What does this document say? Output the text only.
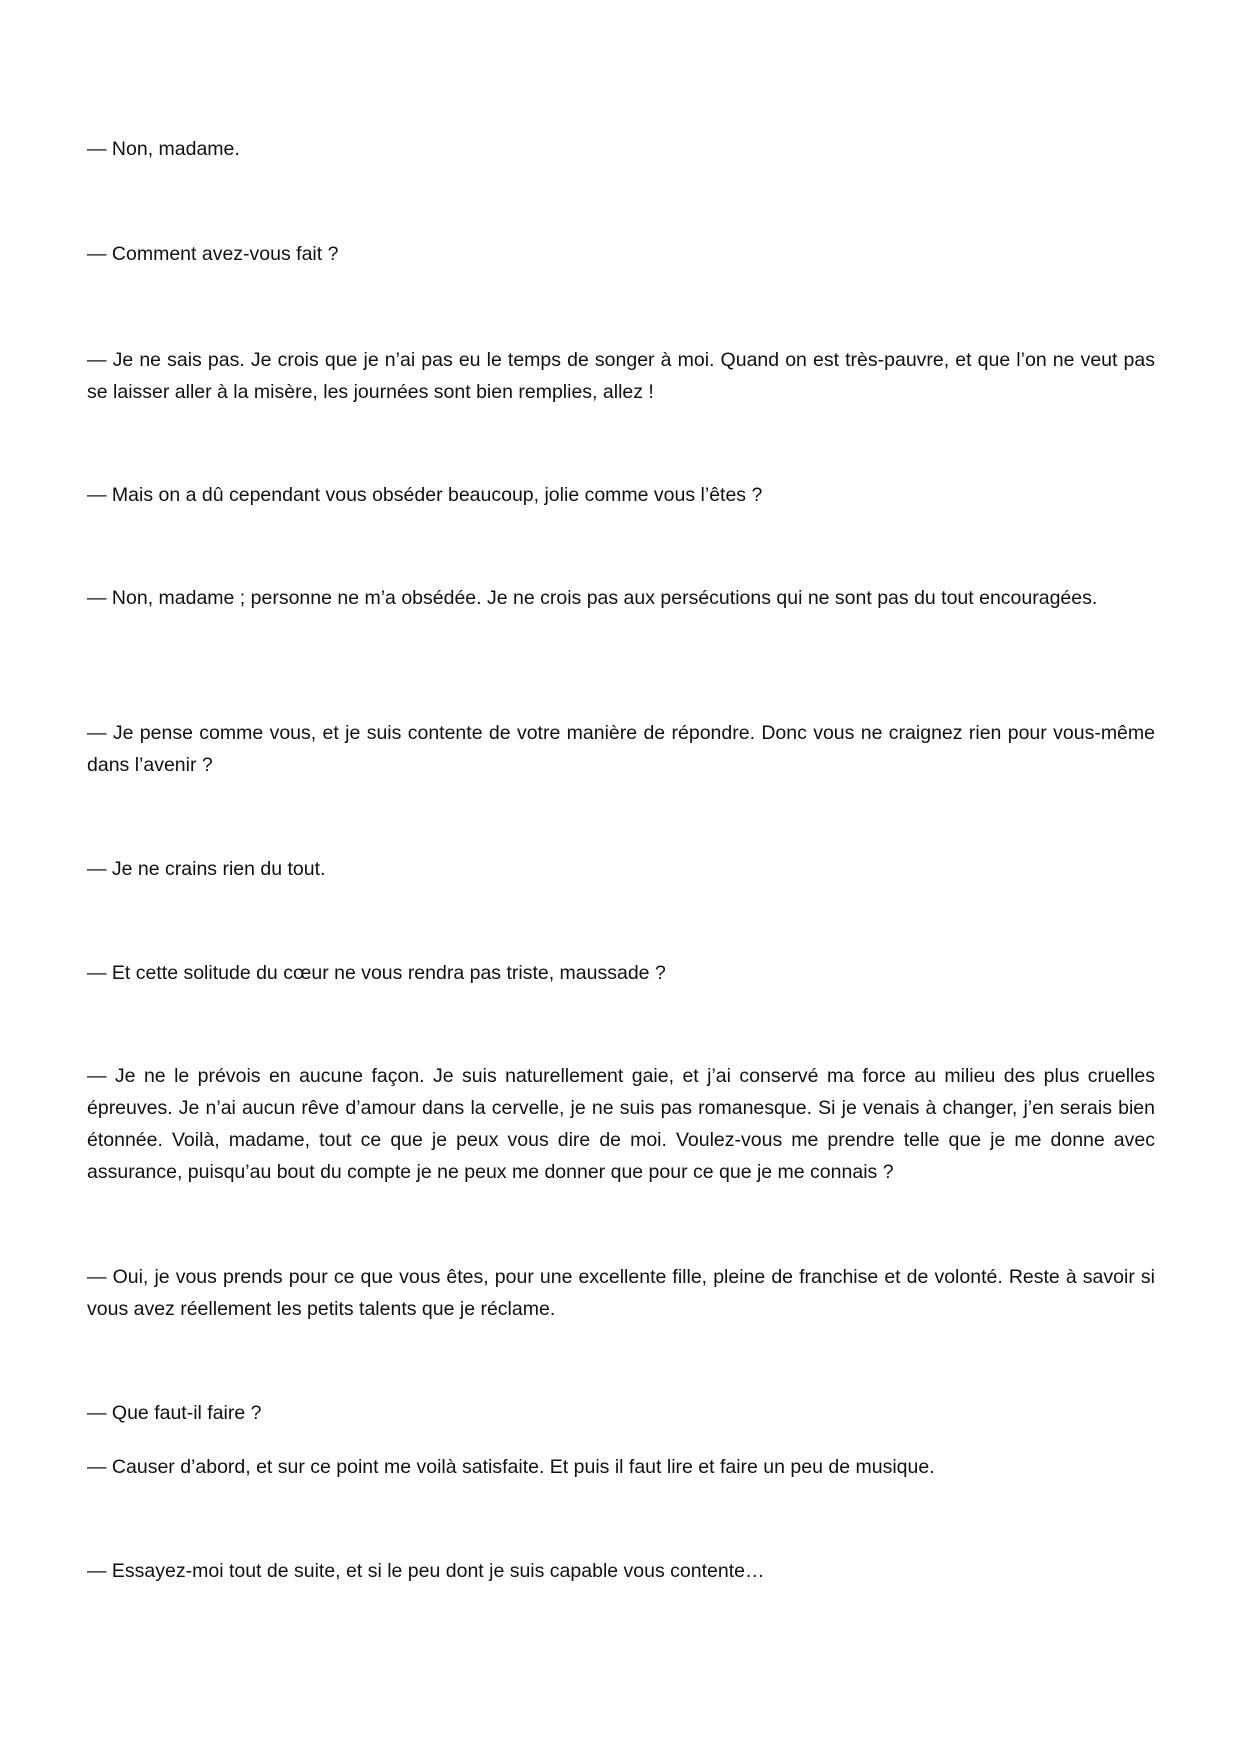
— Non, madame.

— Comment avez-vous fait ?

— Je ne sais pas. Je crois que je n’ai pas eu le temps de songer à moi. Quand on est très-pauvre, et que l’on ne veut pas se laisser aller à la misère, les journées sont bien remplies, allez !

— Mais on a dû cependant vous obséder beaucoup, jolie comme vous l’êtes ?

— Non, madame ; personne ne m’a obsédée. Je ne crois pas aux persécutions qui ne sont pas du tout encouragées.

— Je pense comme vous, et je suis contente de votre manière de répondre. Donc vous ne craignez rien pour vous-même dans l’avenir ?

— Je ne crains rien du tout.

— Et cette solitude du cœur ne vous rendra pas triste, maussade ?

— Je ne le prévois en aucune façon. Je suis naturellement gaie, et j’ai conservé ma force au milieu des plus cruelles épreuves. Je n’ai aucun rêve d’amour dans la cervelle, je ne suis pas romanesque. Si je venais à changer, j’en serais bien étonnée. Voilà, madame, tout ce que je peux vous dire de moi. Voulez-vous me prendre telle que je me donne avec assurance, puisqu’au bout du compte je ne peux me donner que pour ce que je me connais ?

— Oui, je vous prends pour ce que vous êtes, pour une excellente fille, pleine de franchise et de volonté. Reste à savoir si vous avez réellement les petits talents que je réclame.

— Que faut-il faire ?

— Causer d’abord, et sur ce point me voilà satisfaite. Et puis il faut lire et faire un peu de musique.

— Essayez-moi tout de suite, et si le peu dont je suis capable vous contente…
